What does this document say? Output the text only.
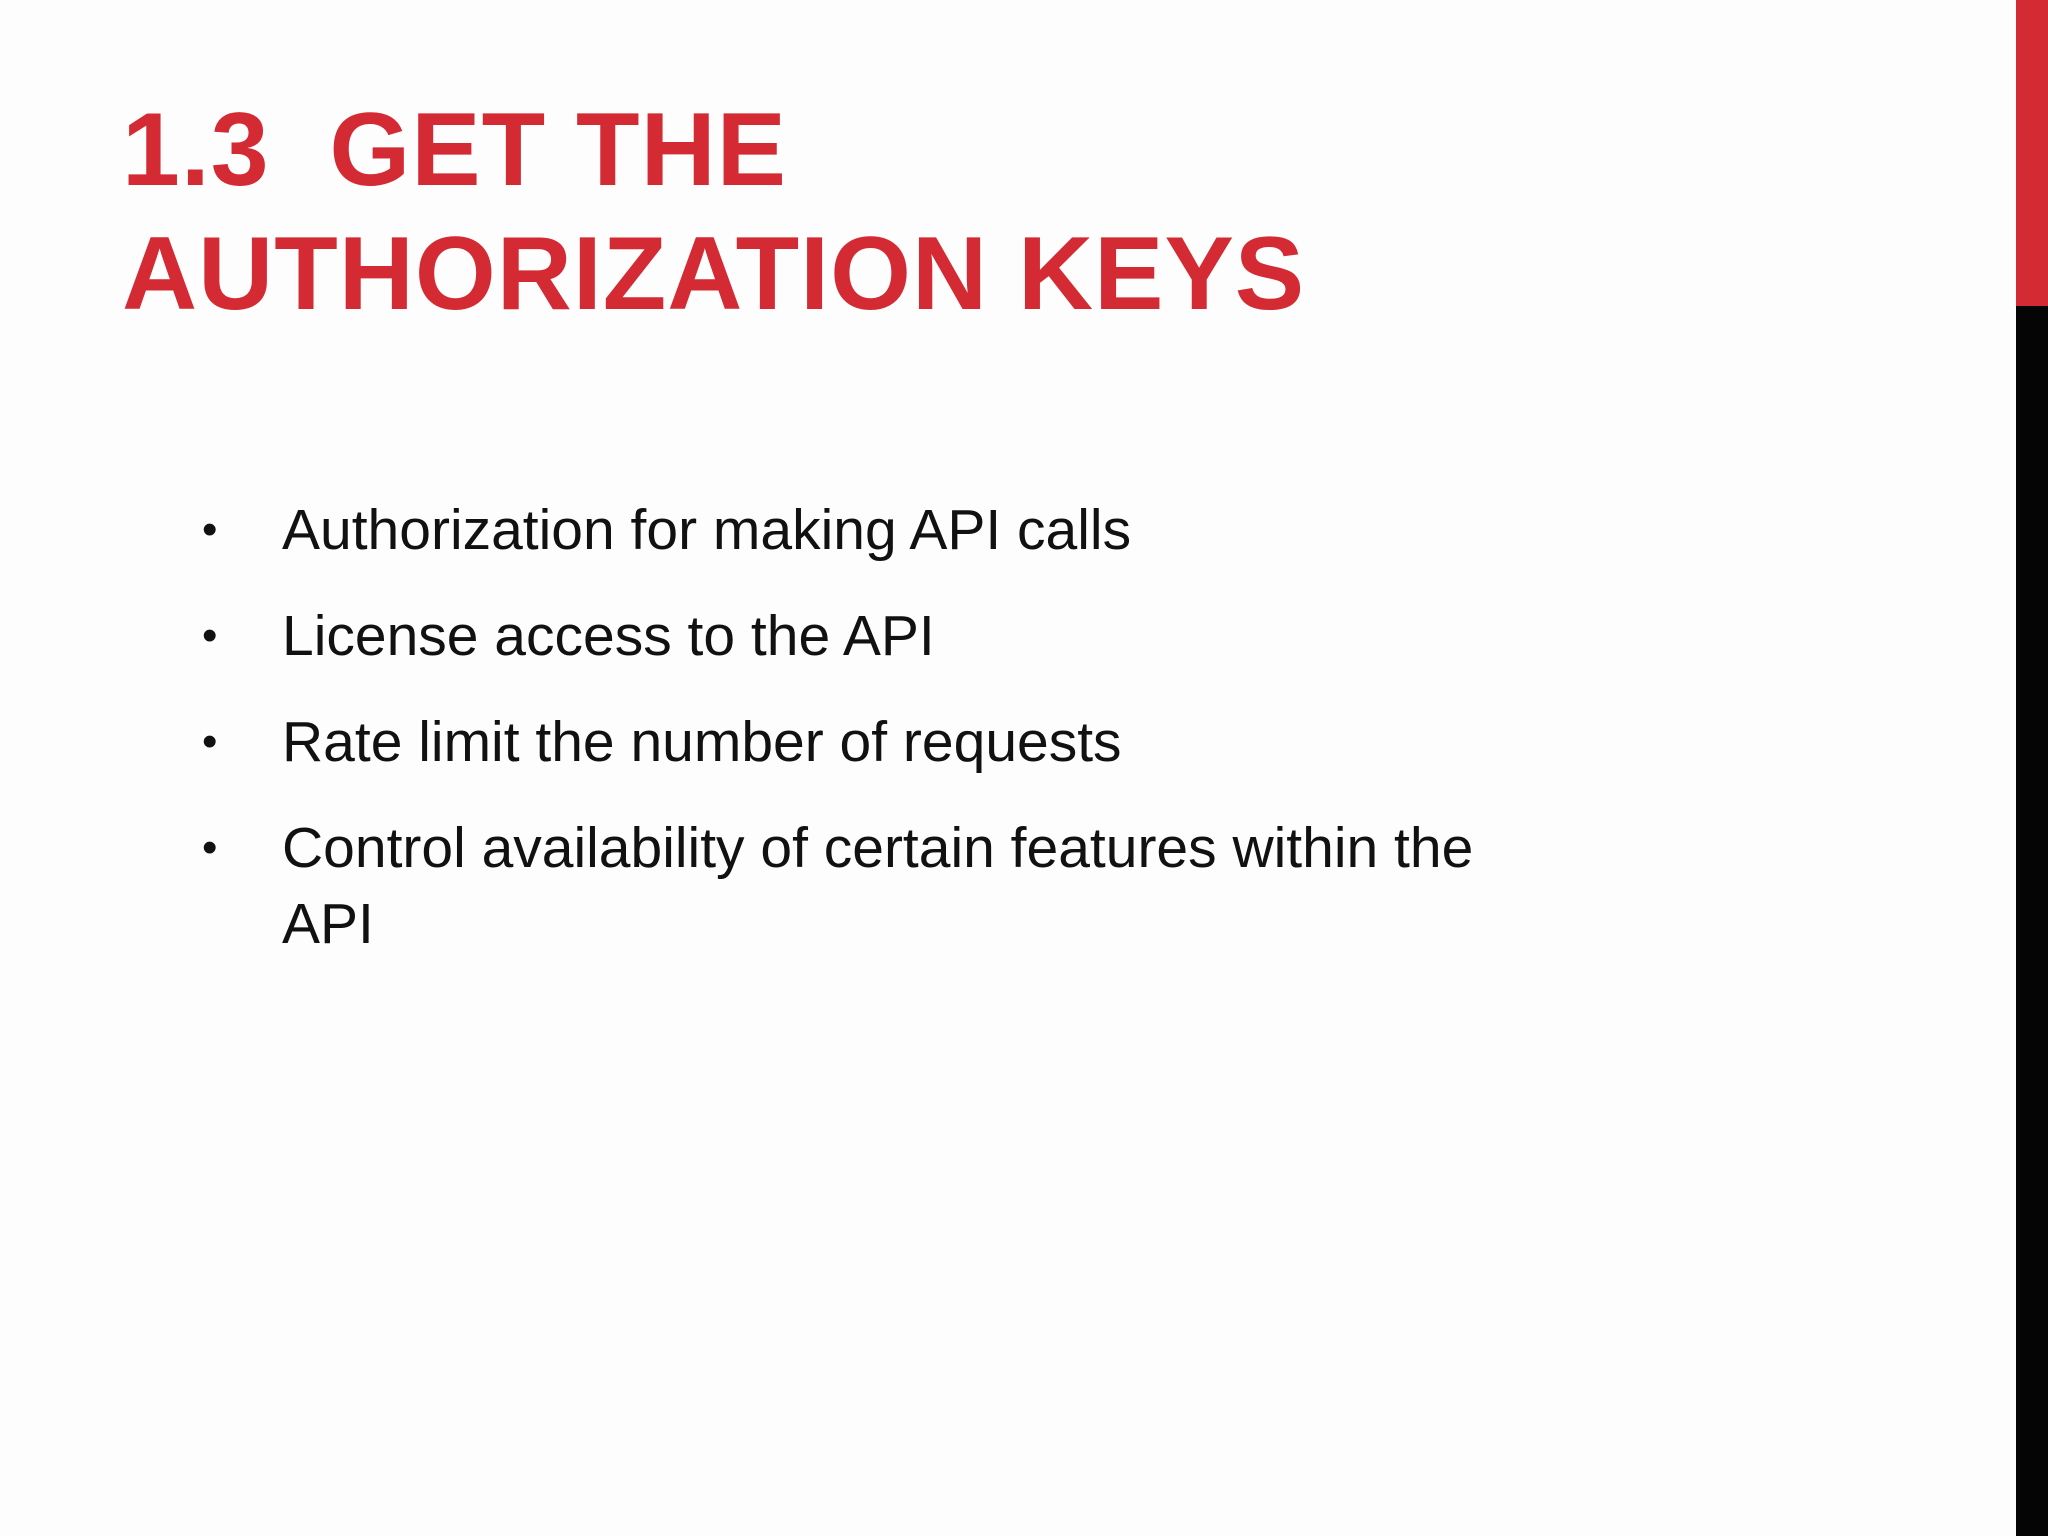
1.3  GET THE
AUTHORIZATION KEYS
• Authorization for making API calls
• License access to the API
• Rate limit the number of requests
• Control availability of certain features within the API
